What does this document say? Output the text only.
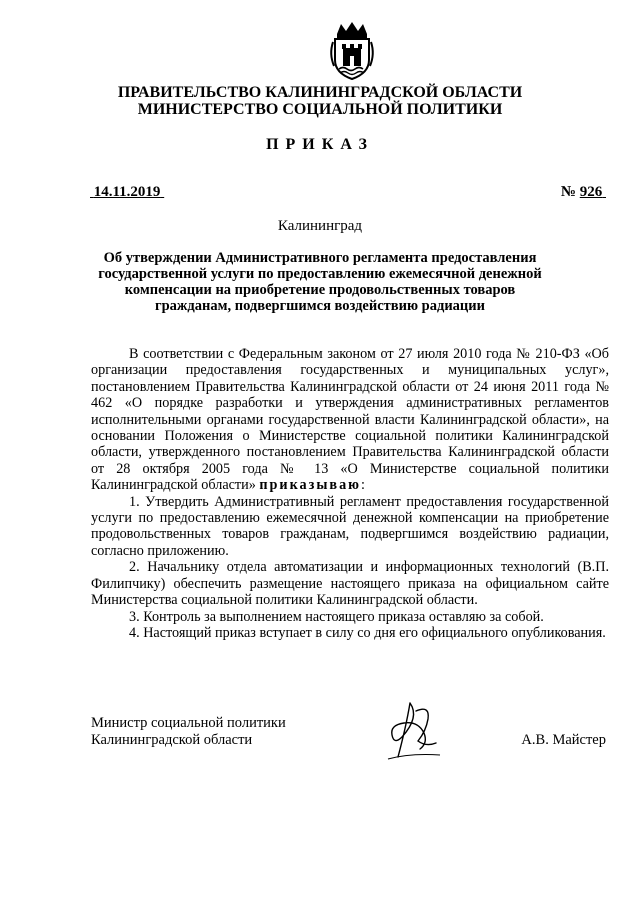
ПРАВИТЕЛЬСТВО КАЛИНИНГРАДСКОЙ ОБЛАСТИ
МИНИСТЕРСТВО СОЦИАЛЬНОЙ ПОЛИТИКИ
ПРИКАЗ
14.11.2019	№ 926
Калининград
Об утверждении Административного регламента предоставления государственной услуги по предоставлению ежемесячной денежной компенсации на приобретение продовольственных товаров гражданам, подвергшимся воздействию радиации

В соответствии с Федеральным законом от 27 июля 2010 года № 210-ФЗ «Об организации предоставления государственных и муниципальных услуг», постановлением Правительства Калининградской области от 24 июня 2011 года № 462 «О порядке разработки и утверждения административных регламентов исполнительными органами государственной власти Калининградской области», на основании Положения о Министерстве социальной политики Калининградской области, утвержденного постановлением Правительства Калининградской области от 28 октября 2005 года № 13 «О Министерстве социальной политики Калининградской области» приказываю:

1. Утвердить Административный регламент предоставления государственной услуги по предоставлению ежемесячной денежной компенсации на приобретение продовольственных товаров гражданам, подвергшимся воздействию радиации, согласно приложению.

2. Начальнику отдела автоматизации и информационных технологий (В.П. Филипчику) обеспечить размещение настоящего приказа на официальном сайте Министерства социальной политики Калининградской области.

3. Контроль за выполнением настоящего приказа оставляю за собой.

4. Настоящий приказ вступает в силу со дня его официального опубликования.

Министр социальной политики
Калининградской области	А.В. Майстер
